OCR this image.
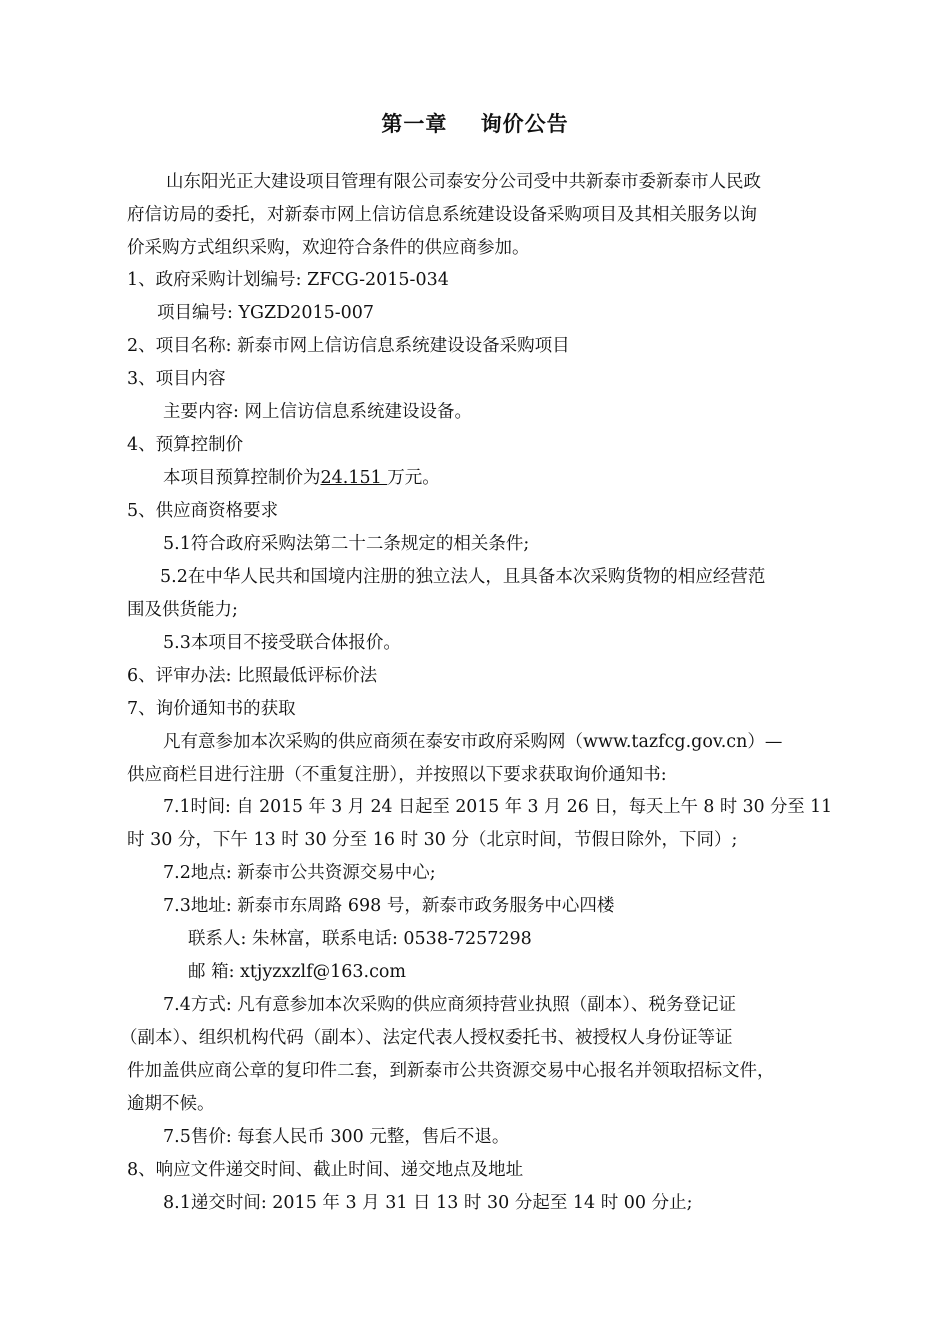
第一章    询价公告
山东阳光正大建设项目管理有限公司泰安分公司受中共新泰市委新泰市人民政
府信访局的委托，对新泰市网上信访信息系统建设设备采购项目及其相关服务以询
价采购方式组织采购，欢迎符合条件的供应商参加。
1、政府采购计划编号: ZFCG-2015-034
项目编号: YGZD2015-007
2、项目名称: 新泰市网上信访信息系统建设设备采购项目
3、项目内容
主要内容: 网上信访信息系统建设设备。
4、预算控制价
本项目预算控制价为24.151 万元。
5、供应商资格要求
5.1符合政府采购法第二十二条规定的相关条件;
5.2在中华人民共和国境内注册的独立法人，且具备本次采购货物的相应经营范
围及供货能力;
5.3本项目不接受联合体报价。
6、评审办法: 比照最低评标价法
7、询价通知书的获取
凡有意参加本次采购的供应商须在泰安市政府采购网（www.tazfcg.gov.cn）—
供应商栏目进行注册（不重复注册），并按照以下要求获取询价通知书:
7.1时间: 自 2015 年 3 月 24 日起至 2015 年 3 月 26 日，每天上午 8 时 30 分至 11
时 30 分，下午 13 时 30 分至 16 时 30 分（北京时间，节假日除外，下同）;
7.2地点: 新泰市公共资源交易中心;
7.3地址: 新泰市东周路 698 号，新泰市政务服务中心四楼
联系人: 朱林富，联系电话: 0538-7257298
邮 箱: xtjyzxzlf@163.com
7.4方式: 凡有意参加本次采购的供应商须持营业执照（副本）、税务登记证
（副本）、组织机构代码（副本）、法定代表人授权委托书、被授权人身份证等证
件加盖供应商公章的复印件二套，到新泰市公共资源交易中心报名并领取招标文件，
逾期不候。
7.5售价: 每套人民币 300 元整，售后不退。
8、响应文件递交时间、截止时间、递交地点及地址
8.1递交时间: 2015 年 3 月 31 日 13 时 30 分起至 14 时 00 分止;
